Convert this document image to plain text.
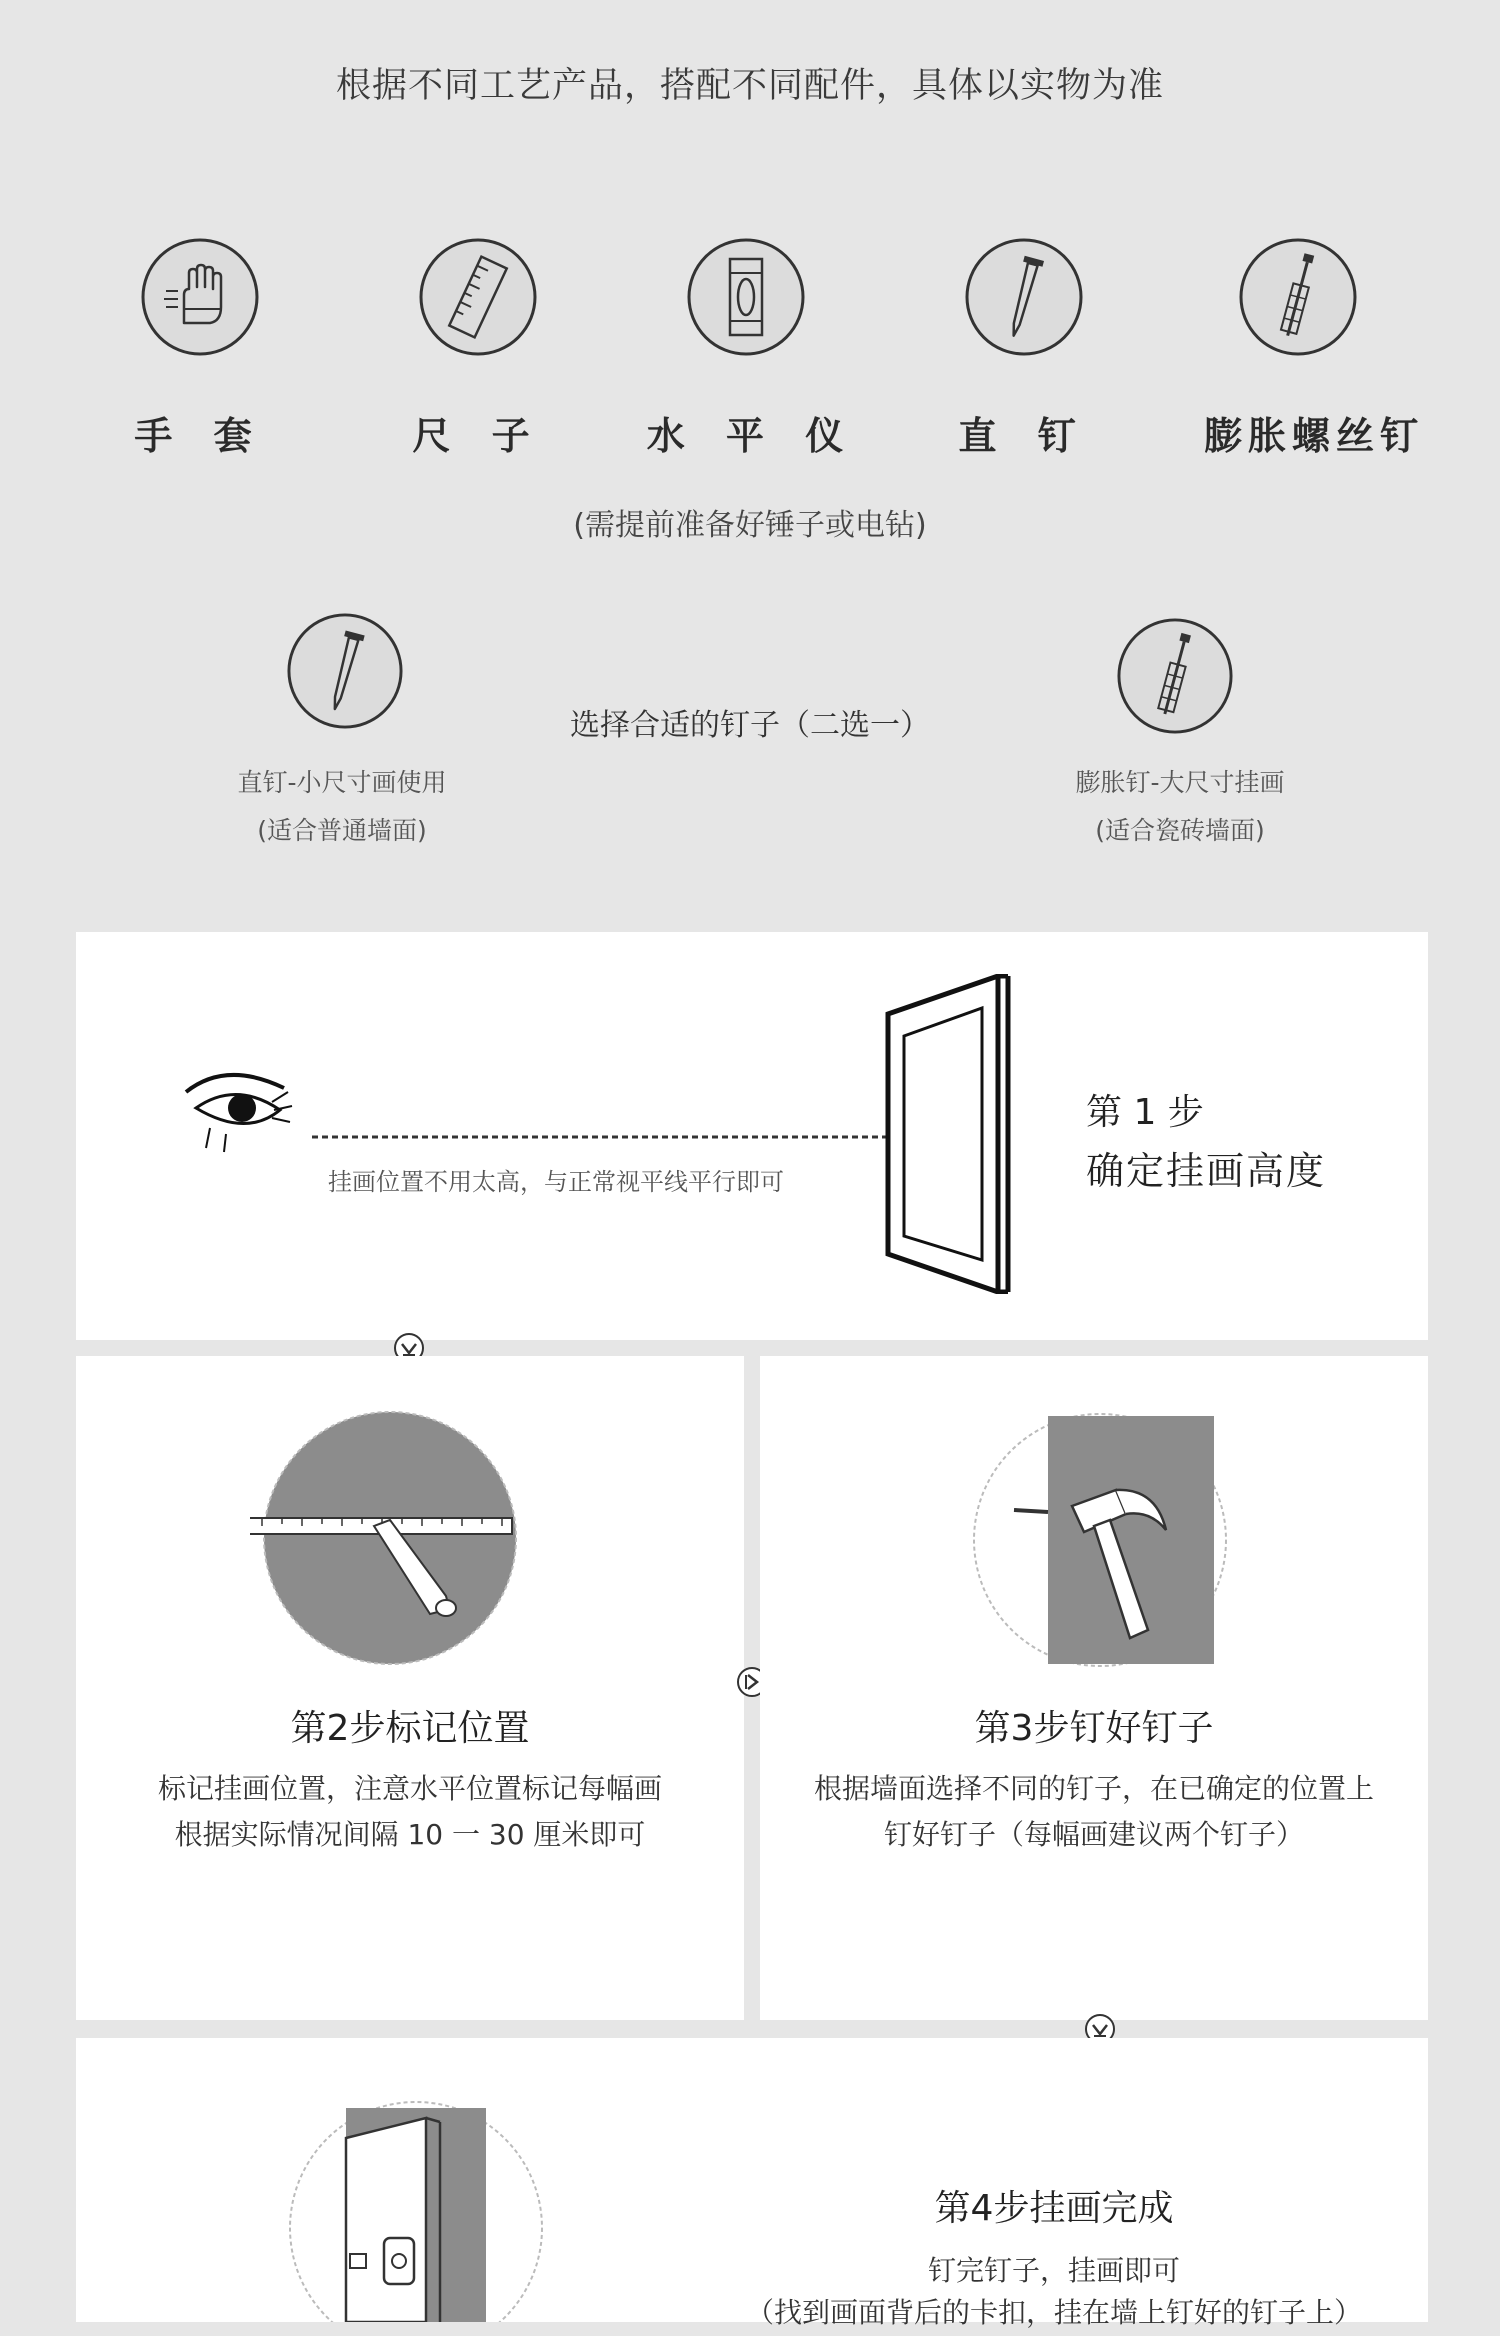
根据不同工艺产品，搭配不同配件，具体以实物为准
手 套	尺 子	水 平 仪	直 钉	膨胀螺丝钉
(需提前准备好锤子或电钻)
选择合适的钉子（二选一）
直钉-小尺寸画使用
(适合普通墙面)
膨胀钉-大尺寸挂画
(适合瓷砖墙面)
挂画位置不用太高，与正常视平线平行即可
第 1 步
确定挂画高度
第2步标记位置
标记挂画位置，注意水平位置标记每幅画
根据实际情况间隔 10 一 30 厘米即可
第3步钉好钉子
根据墙面选择不同的钉子，在已确定的位置上
钉好钉子（每幅画建议两个钉子）
第4步挂画完成
钉完钉子，挂画即可
（找到画面背后的卡扣，挂在墙上钉好的钉子上）
